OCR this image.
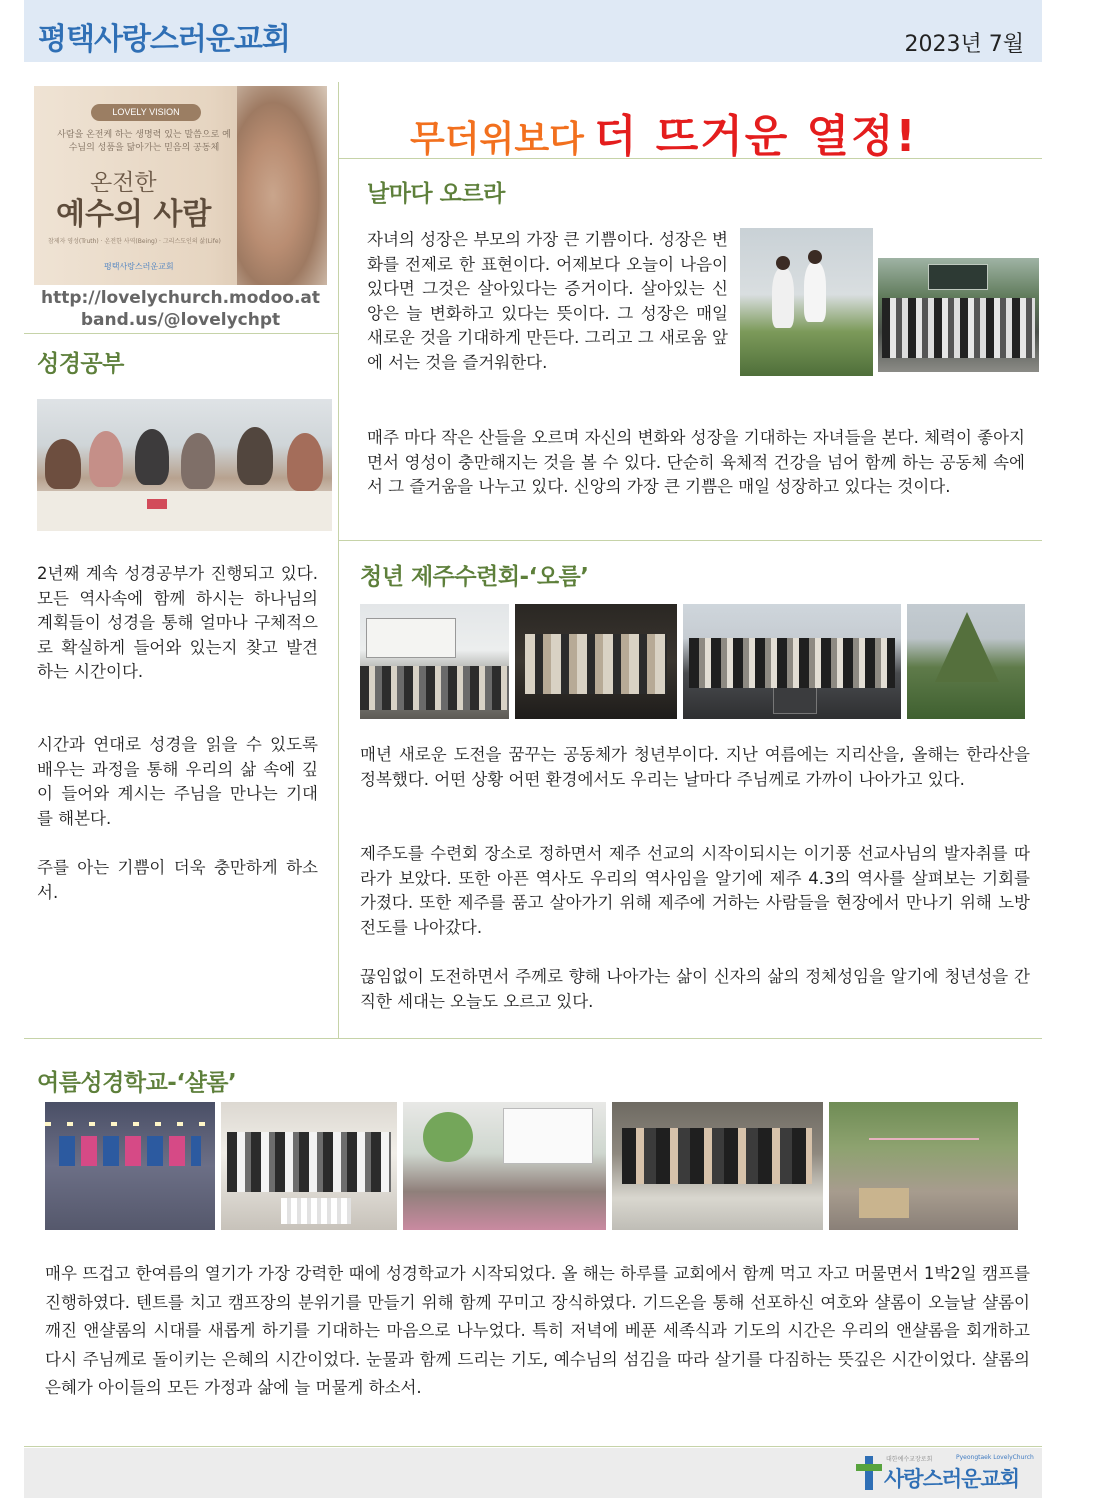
평택사랑스러운교회	2023년 7월
LOVELY VISION
사람을 온전케 하는 생명력 있는 말씀으로 예수님의 성품을 닮아가는 믿음의 공동체
온전한
예수의 사람
참제자 영성(Truth) · 온전한 사역(Being) · 그리스도인의 삶(Life)
평택사랑스러운교회
http://lovelychurch.modoo.at
band.us/@lovelychpt
무더위보다 더 뜨거운 열정!
성경공부
2년째 계속 성경공부가 진행되고 있다. 모든 역사속에 함께 하시는 하나님의 계획들이 성경을 통해 얼마나 구체적으로 확실하게 들어와 있는지 찾고 발견하는 시간이다.
시간과 연대로 성경을 읽을 수 있도록 배우는 과정을 통해 우리의 삶 속에 깊이 들어와 계시는 주님을 만나는 기대를 해본다.
주를 아는 기쁨이 더욱 충만하게 하소서.
날마다 오르라
자녀의 성장은 부모의 가장 큰 기쁨이다. 성장은 변화를 전제로 한 표현이다. 어제보다 오늘이 나음이 있다면 그것은 살아있다는 증거이다. 살아있는 신앙은 늘 변화하고 있다는 뜻이다. 그 성장은 매일 새로운 것을 기대하게 만든다. 그리고 그 새로움 앞에 서는 것을 즐거워한다.
매주 마다 작은 산들을 오르며 자신의 변화와 성장을 기대하는 자녀들을 본다. 체력이 좋아지면서 영성이 충만해지는 것을 볼 수 있다. 단순히 육체적 건강을 넘어 함께 하는 공동체 속에서 그 즐거움을 나누고 있다. 신앙의 가장 큰 기쁨은 매일 성장하고 있다는 것이다.
청년 제주수련회-‘오름’
매년 새로운 도전을 꿈꾸는 공동체가 청년부이다. 지난 여름에는 지리산을, 올해는 한라산을 정복했다. 어떤 상황 어떤 환경에서도 우리는 날마다 주님께로 가까이 나아가고 있다.
제주도를 수련회 장소로 정하면서 제주 선교의 시작이되시는 이기풍 선교사님의 발자취를 따라가 보았다. 또한 아픈 역사도 우리의 역사임을 알기에 제주 4.3의 역사를 살펴보는 기회를 가졌다. 또한 제주를 품고 살아가기 위해 제주에 거하는 사람들을 현장에서 만나기 위해 노방전도를 나아갔다.
끊임없이 도전하면서 주께로 향해 나아가는 삶이 신자의 삶의 정체성임을 알기에 청년성을 간직한 세대는 오늘도 오르고 있다.
여름성경학교-‘샬롬’
매우 뜨겁고 한여름의 열기가 가장 강력한 때에 성경학교가 시작되었다. 올 해는 하루를 교회에서 함께 먹고 자고 머물면서 1박2일 캠프를 진행하였다. 텐트를 치고 캠프장의 분위기를 만들기 위해 함께 꾸미고 장식하였다. 기드온을 통해 선포하신 여호와 샬롬이 오늘날 샬롬이 깨진 앤샬롬의 시대를 새롭게 하기를 기대하는 마음으로 나누었다. 특히 저녁에 베푼 세족식과 기도의 시간은 우리의 앤샬롬을 회개하고 다시 주님께로 돌이키는 은혜의 시간이었다. 눈물과 함께 드리는 기도, 예수님의 섬김을 따라 살기를 다짐하는 뜻깊은 시간이었다. 샬롬의 은혜가 아이들의 모든 가정과 삶에 늘 머물게 하소서.
대한예수교장로회	Pyeongtaek LovelyChurch
사랑스러운교회
